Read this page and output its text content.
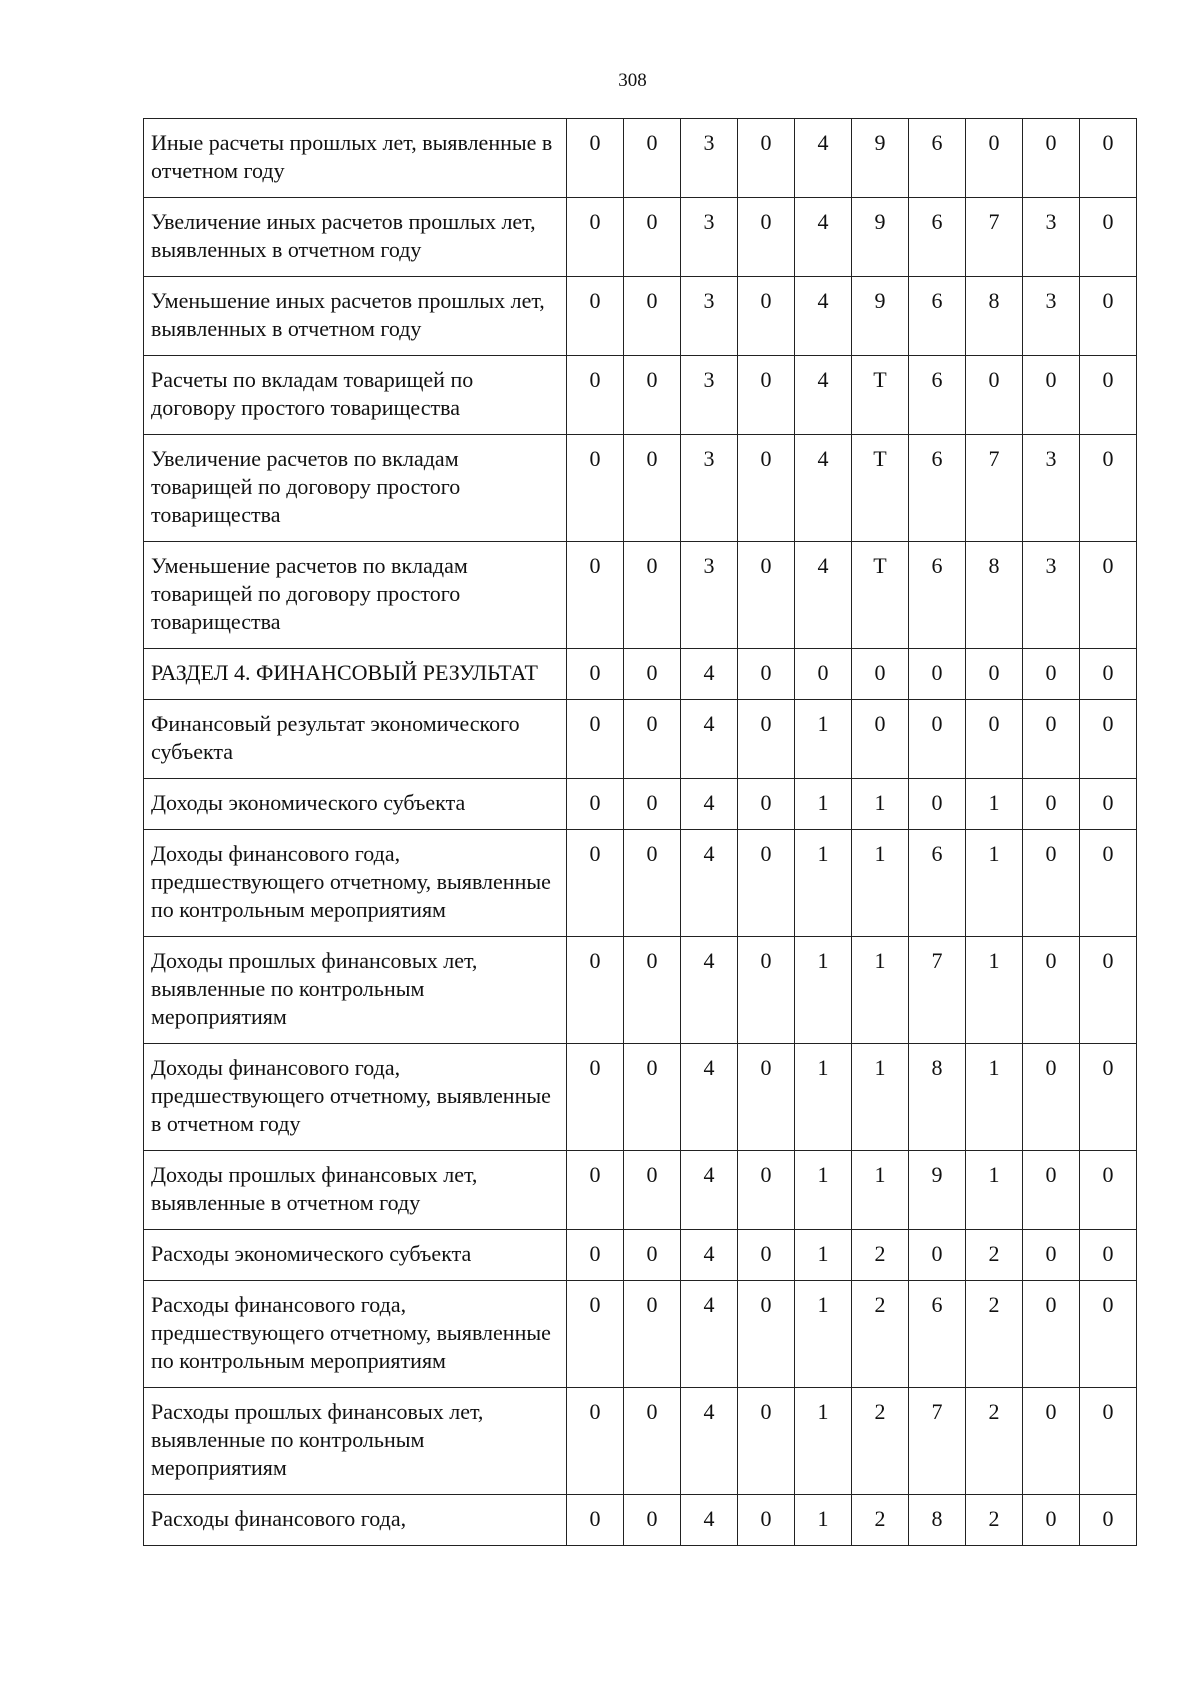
308
Иные расчеты прошлых лет, выявленные в отчетном году	0	0	3	0	4	9	6	0	0	0
Увеличение иных расчетов прошлых лет, выявленных в отчетном году	0	0	3	0	4	9	6	7	3	0
Уменьшение иных расчетов прошлых лет, выявленных в отчетном году	0	0	3	0	4	9	6	8	3	0
Расчеты по вкладам товарищей по договору простого товарищества	0	0	3	0	4	Т	6	0	0	0
Увеличение расчетов по вкладам товарищей по договору простого товарищества	0	0	3	0	4	Т	6	7	3	0
Уменьшение расчетов по вкладам товарищей по договору простого товарищества	0	0	3	0	4	Т	6	8	3	0
РАЗДЕЛ 4. ФИНАНСОВЫЙ РЕЗУЛЬТАТ	0	0	4	0	0	0	0	0	0	0
Финансовый результат экономического субъекта	0	0	4	0	1	0	0	0	0	0
Доходы экономического субъекта	0	0	4	0	1	1	0	1	0	0
Доходы финансового года, предшествующего отчетному, выявленные по контрольным мероприятиям	0	0	4	0	1	1	6	1	0	0
Доходы прошлых финансовых лет, выявленные по контрольным мероприятиям	0	0	4	0	1	1	7	1	0	0
Доходы финансового года, предшествующего отчетному, выявленные в отчетном году	0	0	4	0	1	1	8	1	0	0
Доходы прошлых финансовых лет, выявленные в отчетном году	0	0	4	0	1	1	9	1	0	0
Расходы экономического субъекта	0	0	4	0	1	2	0	2	0	0
Расходы финансового года, предшествующего отчетному, выявленные по контрольным мероприятиям	0	0	4	0	1	2	6	2	0	0
Расходы прошлых финансовых лет, выявленные по контрольным мероприятиям	0	0	4	0	1	2	7	2	0	0
Расходы финансового года,	0	0	4	0	1	2	8	2	0	0
